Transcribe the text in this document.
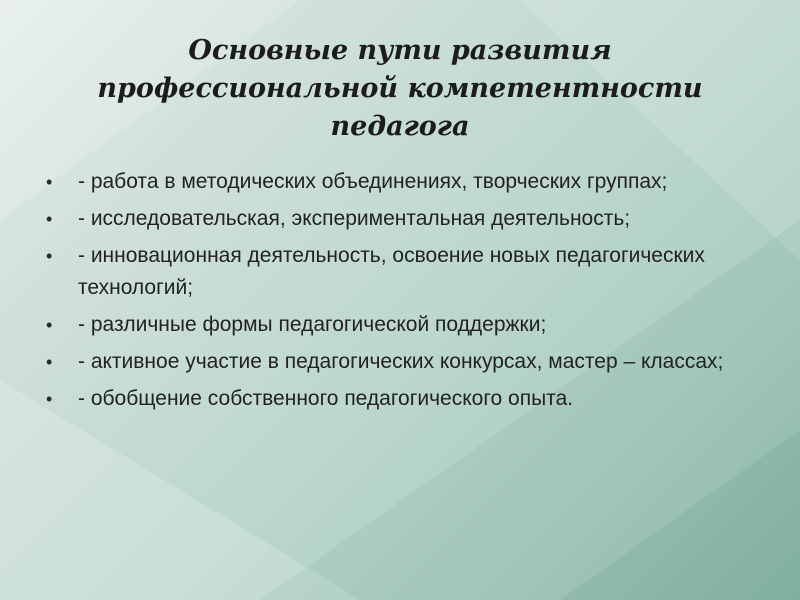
Основные пути развития профессиональной компетентности педагога
• - работа в методических объединениях, творческих группах;
• - исследовательская, экспериментальная деятельность;
• - инновационная деятельность, освоение новых педагогических технологий;
• - различные формы педагогической поддержки;
• - активное участие в педагогических конкурсах, мастер – классах;
• - обобщение собственного педагогического опыта.
